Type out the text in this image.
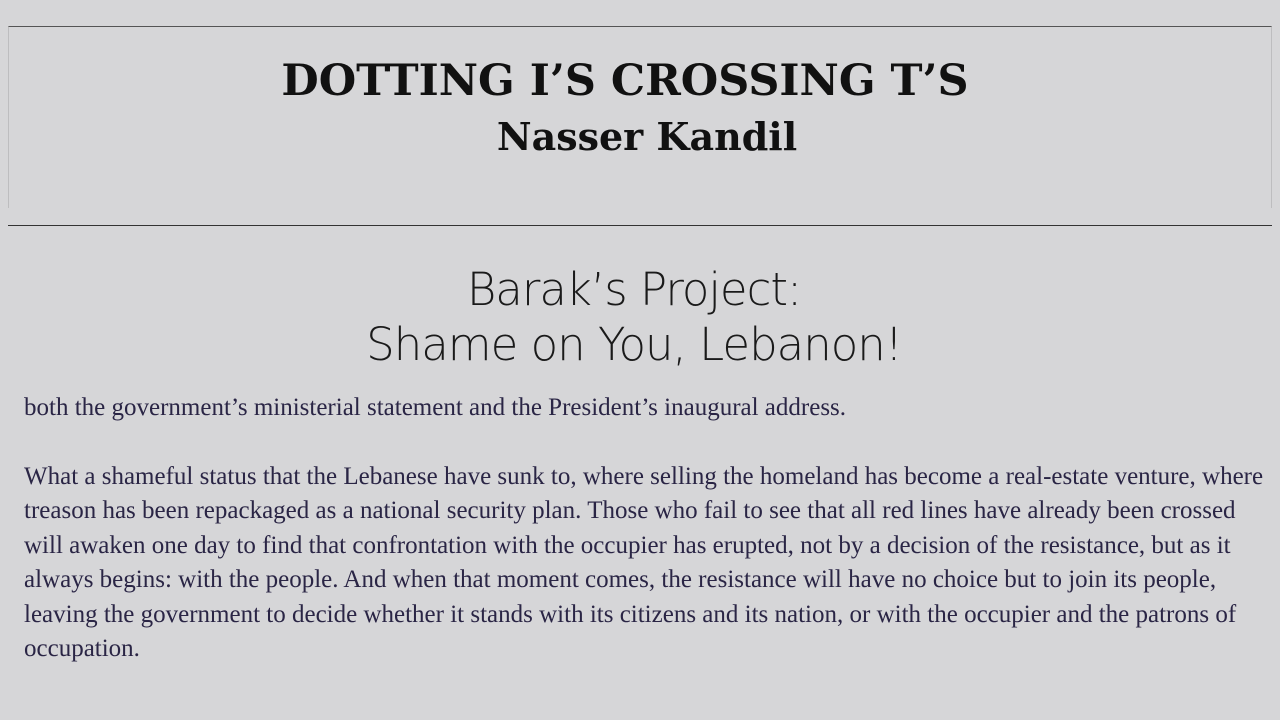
DOTTING I’S CROSSING T’S
Nasser Kandil
Barak’s Project:
Shame on You, Lebanon!

both the government’s ministerial statement and the President’s inaugural address.

What a shameful status that the Lebanese have sunk to, where selling the homeland has become a real-estate venture, where treason has been repackaged as a national security plan. Those who fail to see that all red lines have already been crossed will awaken one day to find that confrontation with the occupier has erupted, not by a decision of the resistance, but as it always begins: with the people. And when that moment comes, the resistance will have no choice but to join its people, leaving the government to decide whether it stands with its citizens and its nation, or with the occupier and the patrons of occupation.
